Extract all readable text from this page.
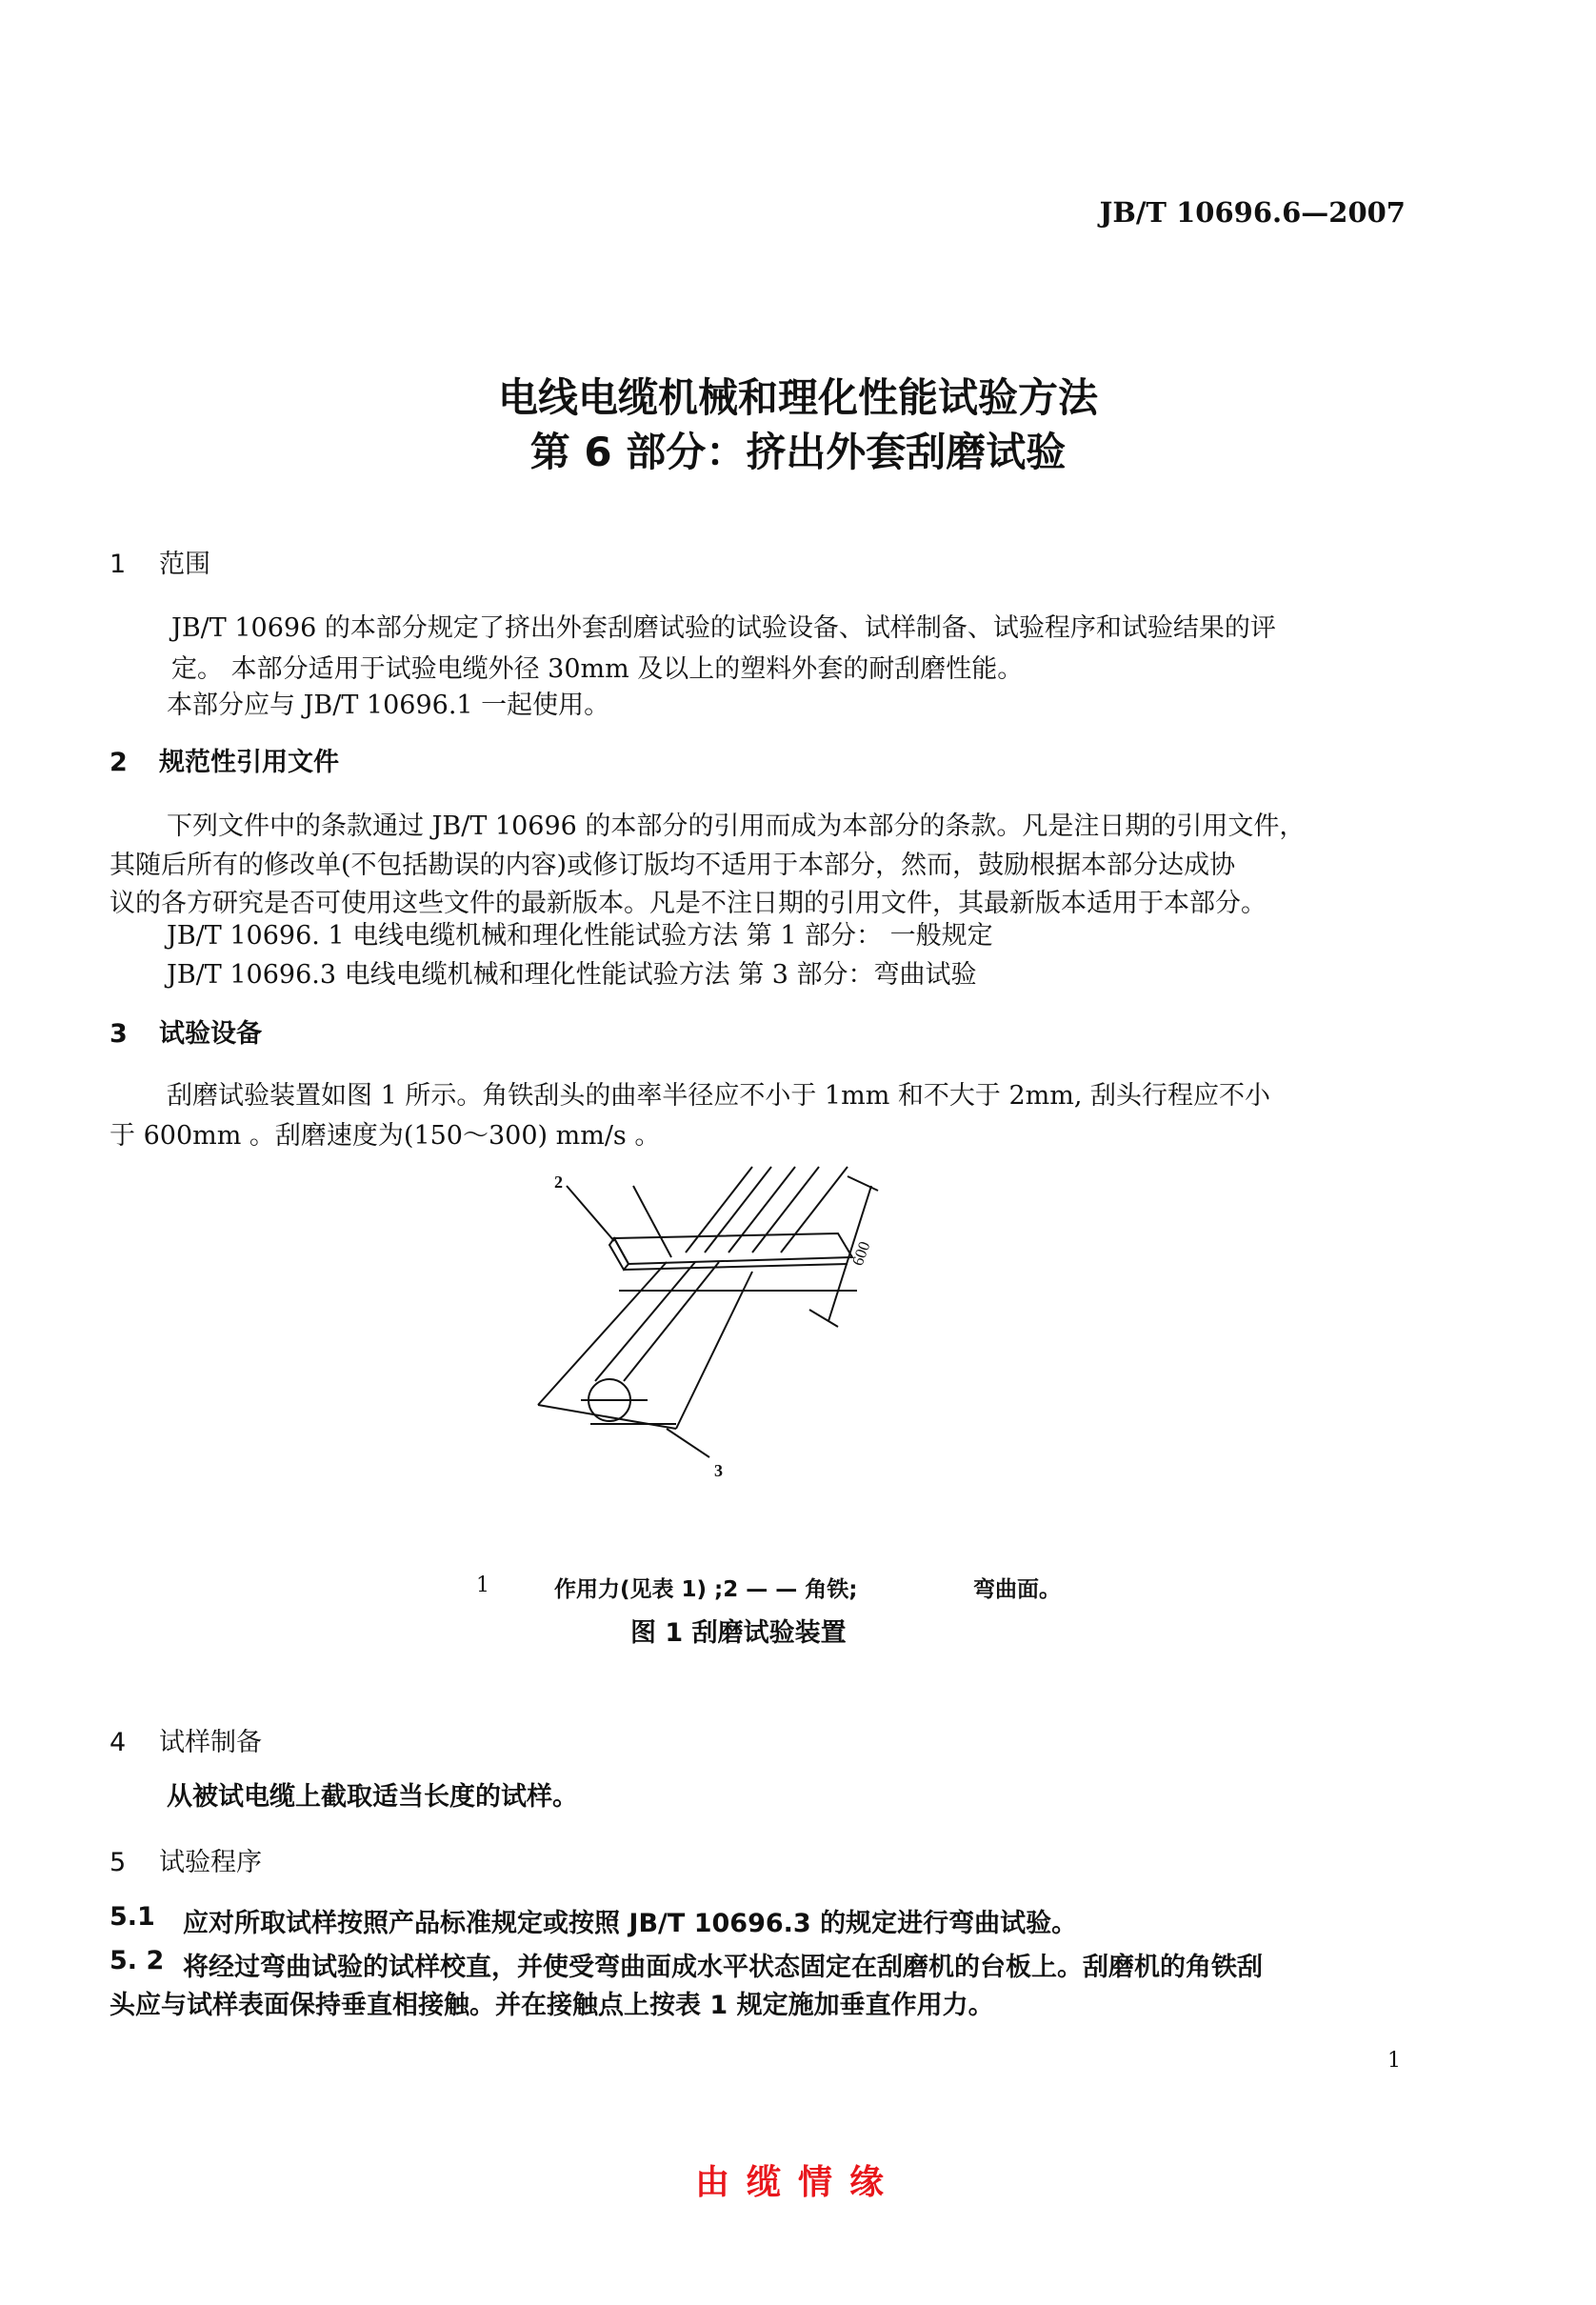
JB/T 10696.6—2007
电线电缆机械和理化性能试验方法
第 6 部分：挤出外套刮磨试验
1 范围
JB/T 10696 的本部分规定了挤出外套刮磨试验的试验设备、试样制备、试验程序和试验结果的评
定。 本部分适用于试验电缆外径 30mm 及以上的塑料外套的耐刮磨性能。
本部分应与 JB/T 10696.1 一起使用。
2 规范性引用文件
下列文件中的条款通过 JB/T 10696 的本部分的引用而成为本部分的条款。凡是注日期的引用文件，
其随后所有的修改单(不包括勘误的内容)或修订版均不适用于本部分，然而，鼓励根据本部分达成协
议的各方研究是否可使用这些文件的最新版本。凡是不注日期的引用文件，其最新版本适用于本部分。
JB/T 10696. 1 电线电缆机械和理化性能试验方法 第 1 部分： 一般规定
JB/T 10696.3 电线电缆机械和理化性能试验方法 第 3 部分：弯曲试验
3 试验设备
刮磨试验装置如图 1 所示。角铁刮头的曲率半径应不小于 1mm 和不大于 2mm, 刮头行程应不小
于 600mm 。刮磨速度为(150～300) mm/s 。
2
3
600
1	作用力(见表 1) ;2 — — 角铁;	弯曲面。
图 1 刮磨试验装置
4 试样制备
从被试电缆上截取适当长度的试样。
5 试验程序
5.1 应对所取试样按照产品标准规定或按照 JB/T 10696.3 的规定进行弯曲试验。
5. 2 将经过弯曲试验的试样校直，并使受弯曲面成水平状态固定在刮磨机的台板上。刮磨机的角铁刮
头应与试样表面保持垂直相接触。并在接触点上按表 1 规定施加垂直作用力。
1
由缆情缘
